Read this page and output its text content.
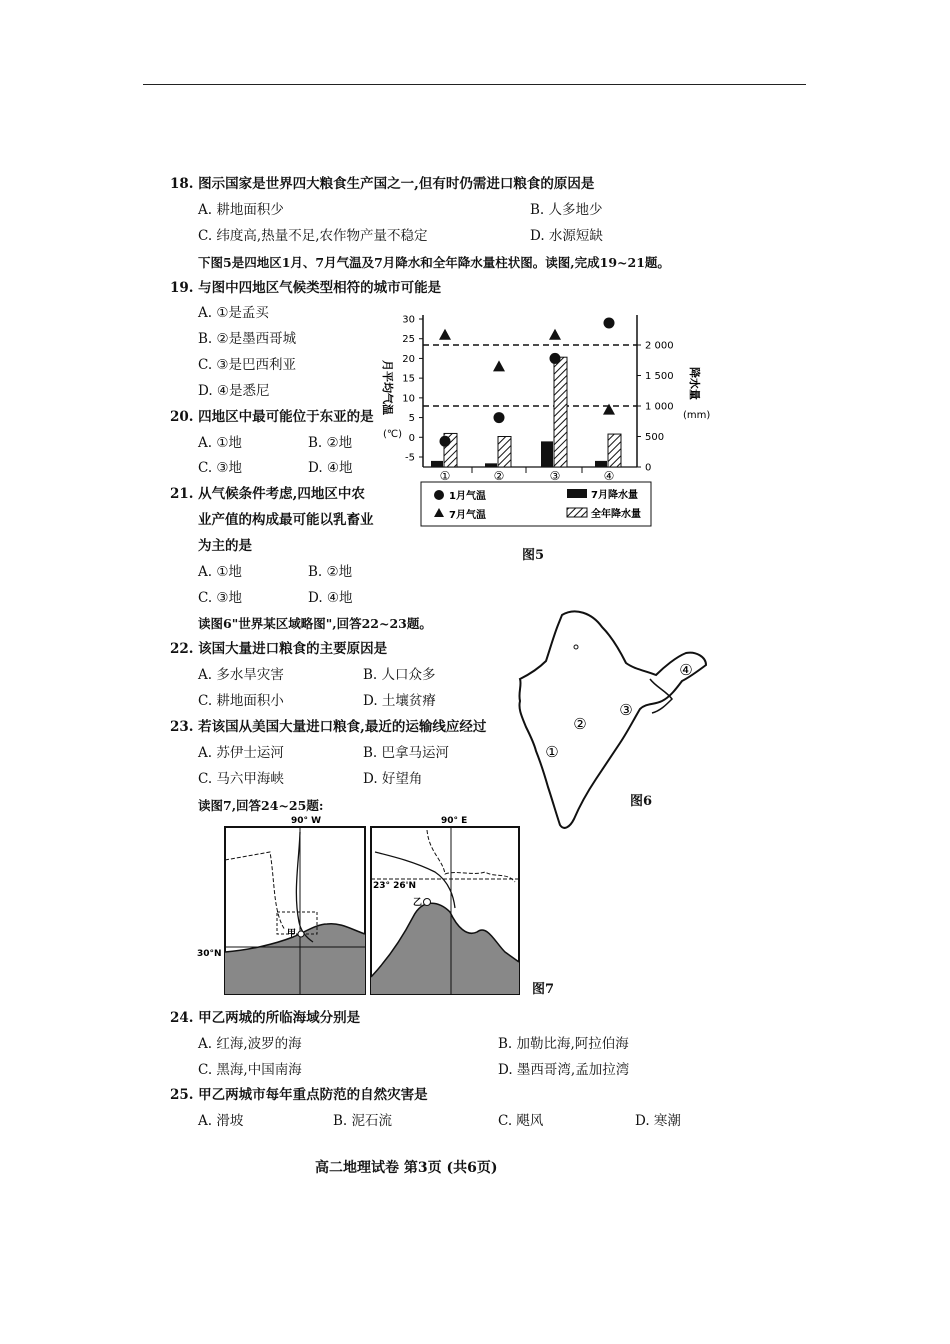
18. 图示国家是世界四大粮食生产国之一,但有时仍需进口粮食的原因是
A. 耕地面积少	B. 人多地少
C. 纬度高,热量不足,农作物产量不稳定	D. 水源短缺
下图5是四地区1月、7月气温及7月降水和全年降水量柱状图。读图,完成19~21题。
19. 与图中四地区气候类型相符的城市可能是
A. ①是孟买
B. ②是墨西哥城
C. ③是巴西利亚
D. ④是悉尼
20. 四地区中最可能位于东亚的是
A. ①地	B. ②地
C. ③地	D. ④地
21. 从气候条件考虑,四地区中农
业产值的构成最可能以乳畜业
为主的是
A. ①地	B. ②地
C. ③地	D. ④地
读图6"世界某区域略图",回答22~23题。
22. 该国大量进口粮食的主要原因是
A. 多水旱灾害	B. 人口众多
C. 耕地面积小	D. 土壤贫瘠
23. 若该国从美国大量进口粮食,最近的运输线应经过
A. 苏伊士运河	B. 巴拿马运河
C. 马六甲海峡	D. 好望角
读图7,回答24~25题:
24. 甲乙两城的所临海域分别是
A. 红海,波罗的海	B. 加勒比海,阿拉伯海
C. 黑海,中国南海	D. 墨西哥湾,孟加拉湾
25. 甲乙两城市每年重点防范的自然灾害是
A. 滑坡	B. 泥石流	C. 飓风	D. 寒潮
高二地理试卷 第3页 (共6页)
30
25
20
15
10
5
0
-5
2 000
1 500
1 000
500
0
月平均气温
(℃)
降水量
(mm)
①	②	③	④
1月气温
7月气温
7月降水量
全年降水量
图5
①
②
③
④
图6
90° W
30°N
甲
90° E
23° 26'N
乙
图7
